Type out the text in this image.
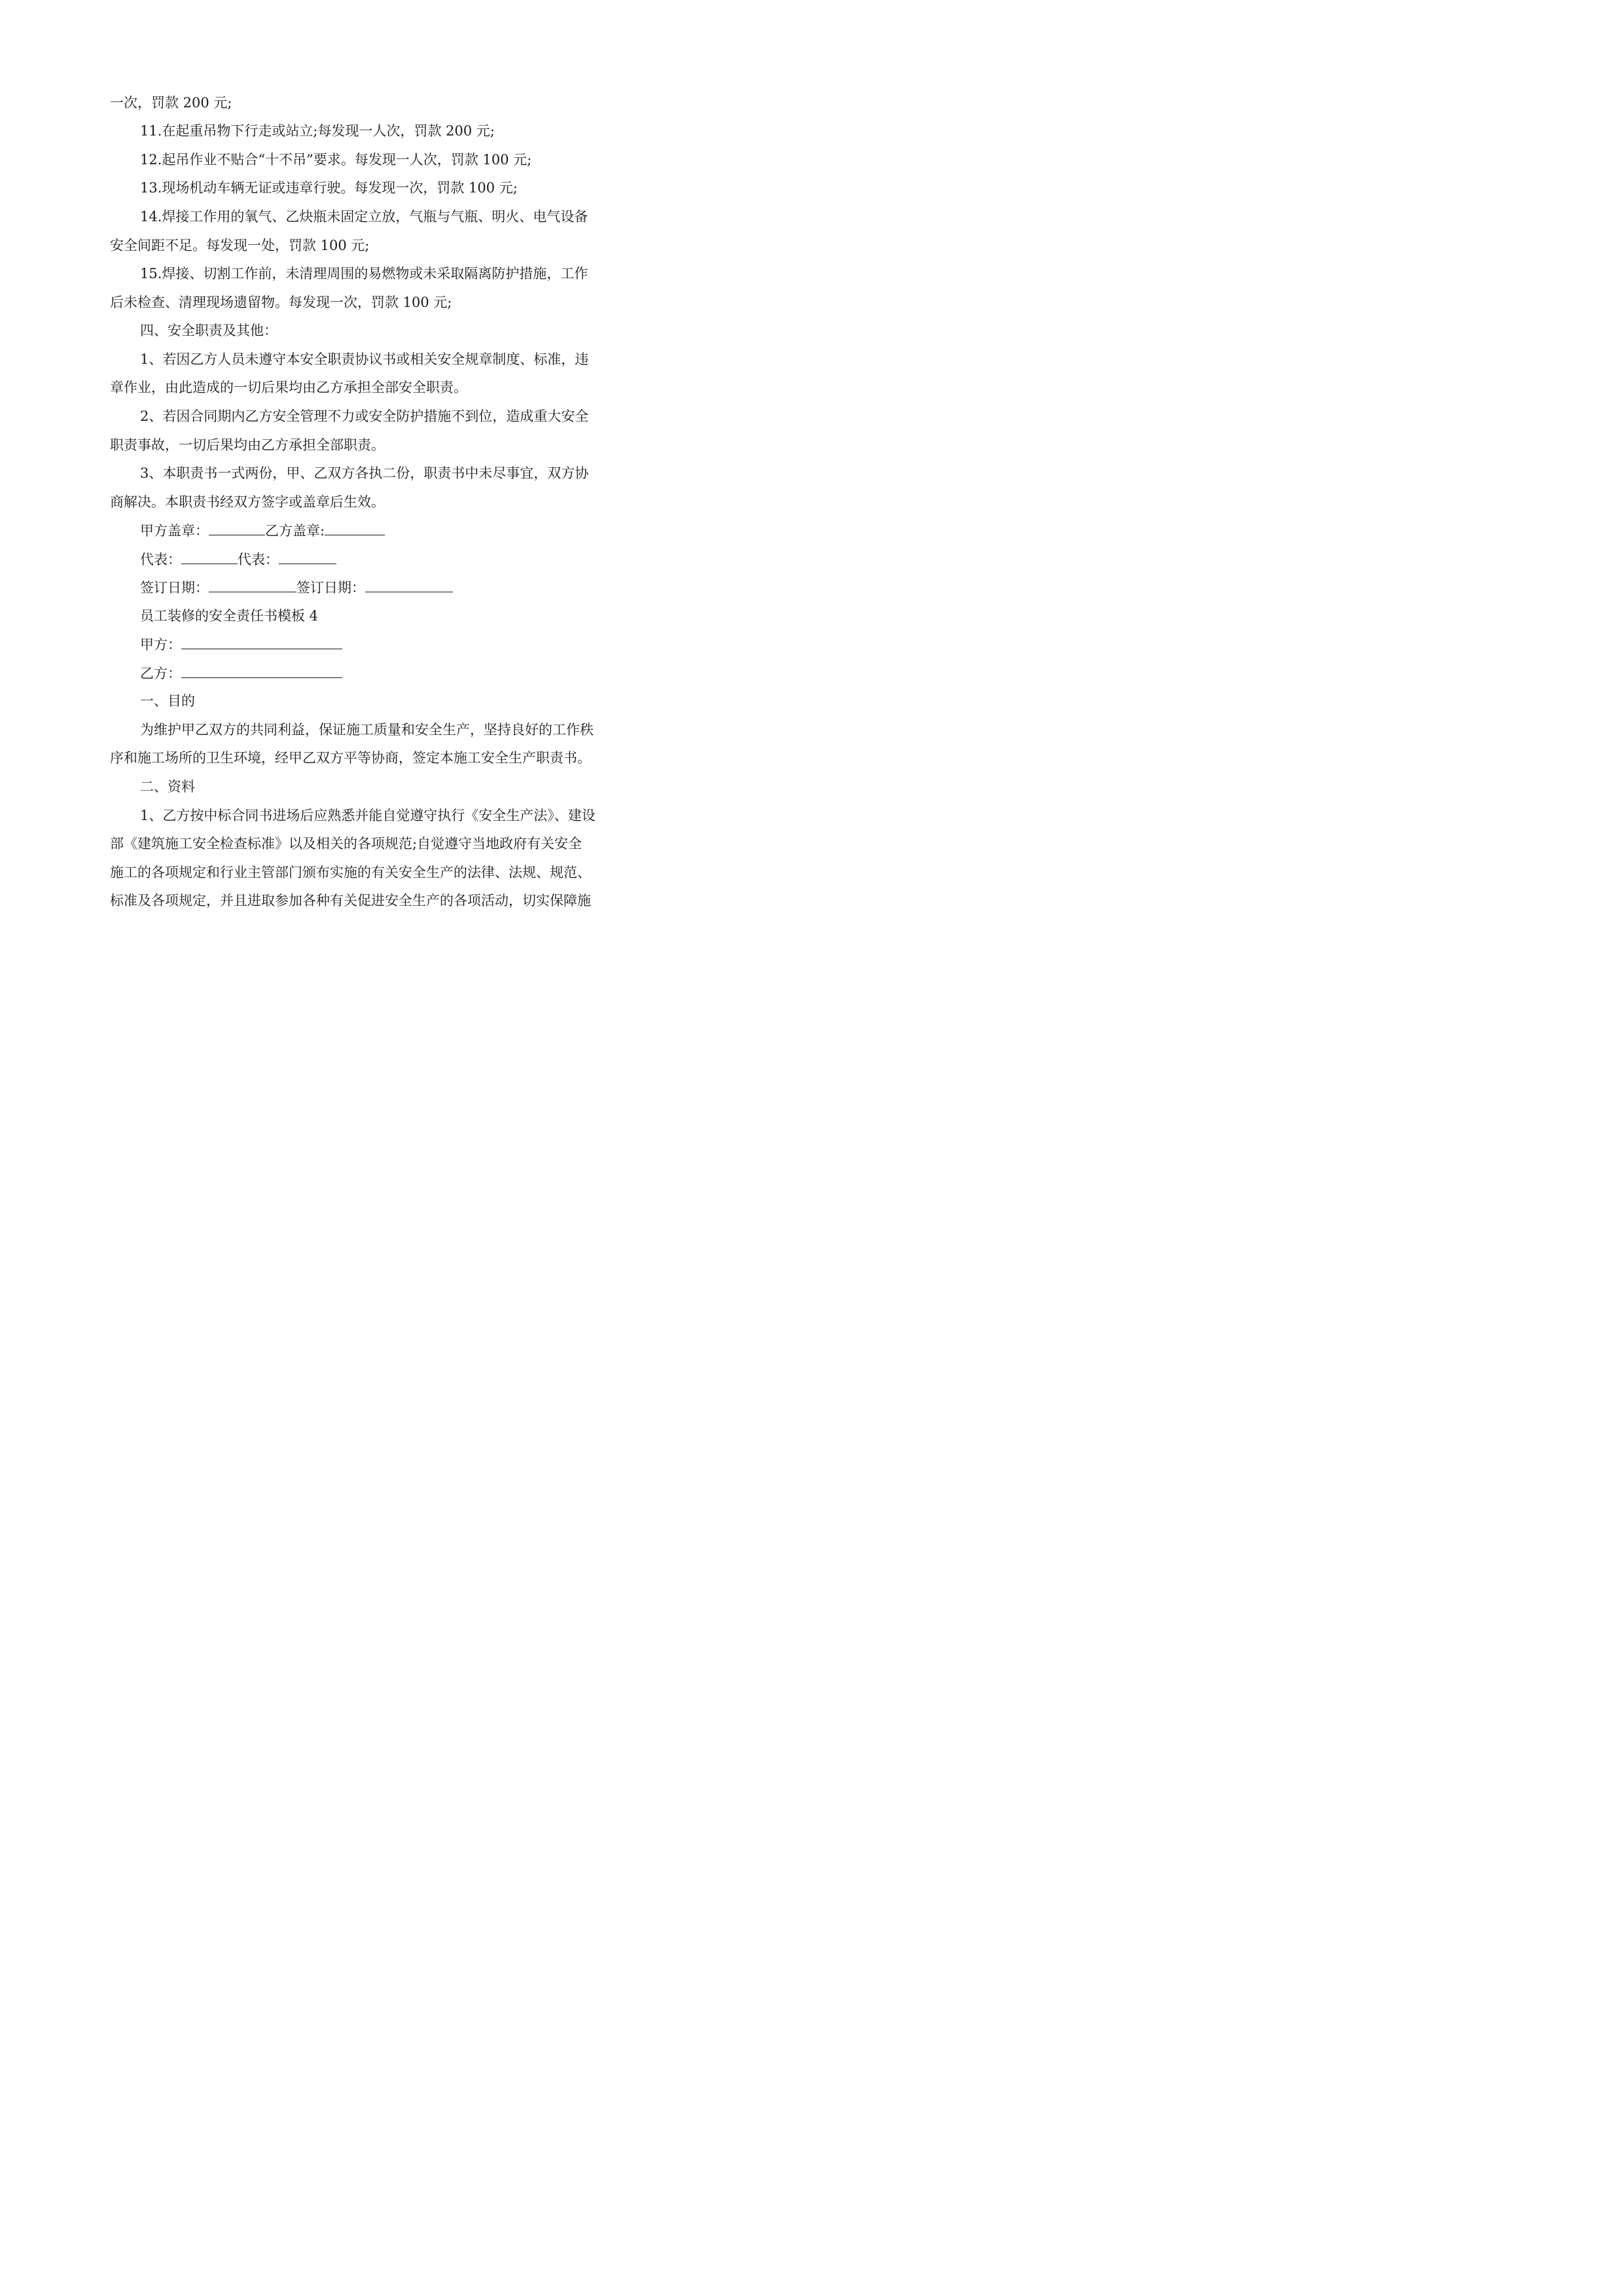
一次，罚款 200 元;
11.在起重吊物下行走或站立;每发现一人次，罚款 200 元;
12.起吊作业不贴合“十不吊”要求。每发现一人次，罚款 100 元;
13.现场机动车辆无证或违章行驶。每发现一次，罚款 100 元;
14.焊接工作用的氧气、乙炔瓶未固定立放，气瓶与气瓶、明火、电气设备
安全间距不足。每发现一处，罚款 100 元;
15.焊接、切割工作前，未清理周围的易燃物或未采取隔离防护措施，工作
后未检查、清理现场遗留物。每发现一次，罚款 100 元;
四、安全职责及其他：
1、若因乙方人员未遵守本安全职责协议书或相关安全规章制度、标准，违
章作业，由此造成的一切后果均由乙方承担全部安全职责。
2、若因合同期内乙方安全管理不力或安全防护措施不到位，造成重大安全
职责事故，一切后果均由乙方承担全部职责。
3、本职责书一式两份，甲、乙双方各执二份，职责书中未尽事宜，双方协
商解决。本职责书经双方签字或盖章后生效。
甲方盖章：	乙方盖章:
代表：	代表：
签订日期：	签订日期：
员工装修的安全责任书模板 4
甲方：
乙方：
一、目的
为维护甲乙双方的共同利益，保证施工质量和安全生产，坚持良好的工作秩
序和施工场所的卫生环境，经甲乙双方平等协商，签定本施工安全生产职责书。
二、资料
1、乙方按中标合同书进场后应熟悉并能自觉遵守执行《安全生产法》、建设
部《建筑施工安全检查标准》以及相关的各项规范;自觉遵守当地政府有关安全
施工的各项规定和行业主管部门颁布实施的有关安全生产的法律、法规、规范、
标准及各项规定，并且进取参加各种有关促进安全生产的各项活动，切实保障施
